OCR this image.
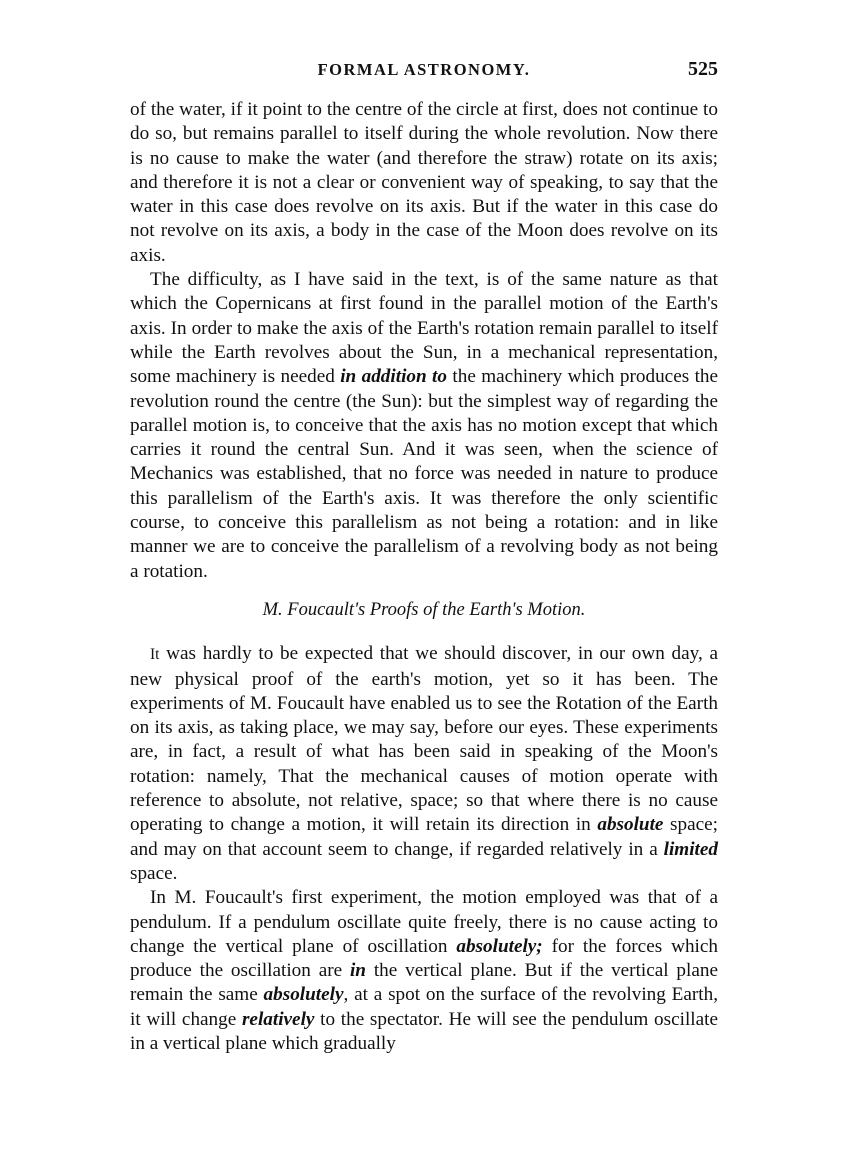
FORMAL ASTRONOMY.	525

of the water, if it point to the centre of the circle at first, does not continue to do so, but remains parallel to itself during the whole revolution. Now there is no cause to make the water (and therefore the straw) rotate on its axis; and therefore it is not a clear or convenient way of speaking, to say that the water in this case does revolve on its axis. But if the water in this case do not revolve on its axis, a body in the case of the Moon does revolve on its axis.

The difficulty, as I have said in the text, is of the same nature as that which the Copernicans at first found in the parallel motion of the Earth's axis. In order to make the axis of the Earth's rotation remain parallel to itself while the Earth revolves about the Sun, in a mechanical representation, some machinery is needed in addition to the machinery which produces the revolution round the centre (the Sun): but the simplest way of regarding the parallel motion is, to conceive that the axis has no motion except that which carries it round the central Sun. And it was seen, when the science of Mechanics was established, that no force was needed in nature to produce this parallelism of the Earth's axis. It was therefore the only scientific course, to conceive this parallelism as not being a rotation: and in like manner we are to conceive the parallelism of a revolving body as not being a rotation.

M. Foucault's Proofs of the Earth's Motion.

It was hardly to be expected that we should discover, in our own day, a new physical proof of the earth's motion, yet so it has been. The experiments of M. Foucault have enabled us to see the Rotation of the Earth on its axis, as taking place, we may say, before our eyes. These experiments are, in fact, a result of what has been said in speaking of the Moon's rotation: namely, That the mechanical causes of motion operate with reference to absolute, not relative, space; so that where there is no cause operating to change a motion, it will retain its direction in absolute space; and may on that account seem to change, if regarded relatively in a limited space.

In M. Foucault's first experiment, the motion employed was that of a pendulum. If a pendulum oscillate quite freely, there is no cause acting to change the vertical plane of oscillation absolutely; for the forces which produce the oscillation are in the vertical plane. But if the vertical plane remain the same absolutely, at a spot on the surface of the revolving Earth, it will change relatively to the spectator. He will see the pendulum oscillate in a vertical plane which gradually
